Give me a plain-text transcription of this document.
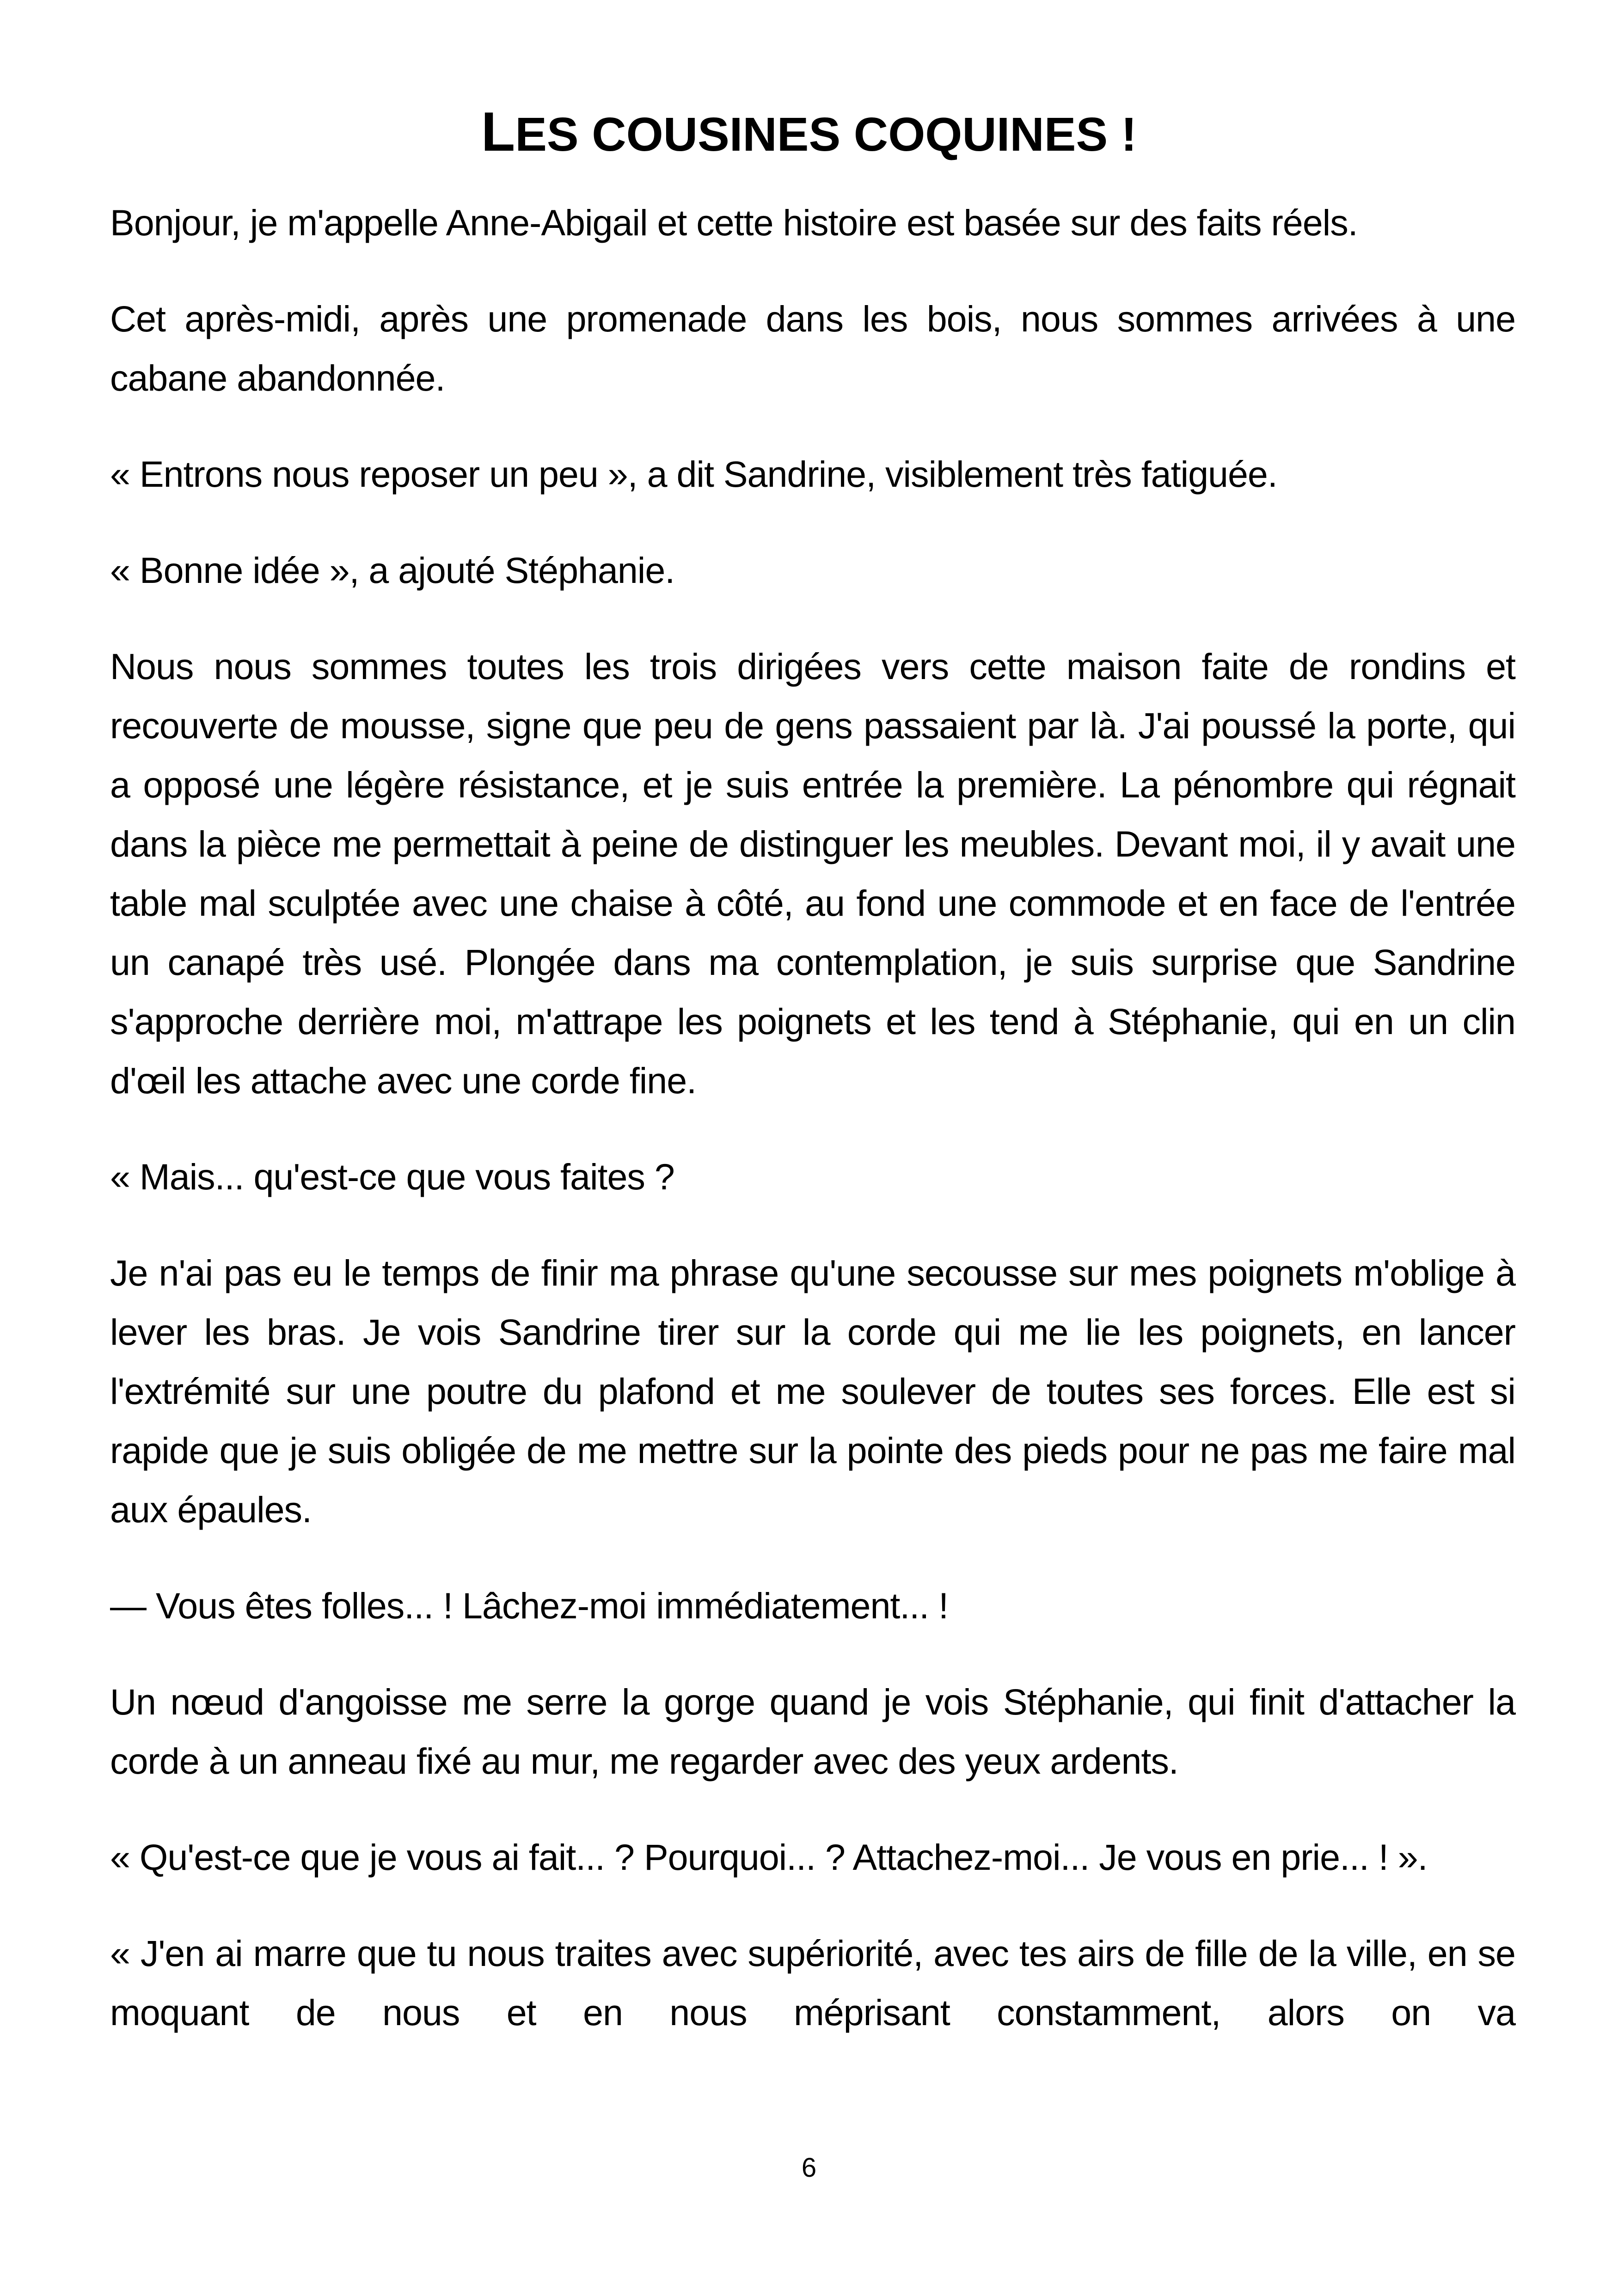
LES COUSINES COQUINES !

Bonjour, je m'appelle Anne-Abigail et cette histoire est basée sur des faits réels.

Cet après-midi, après une promenade dans les bois, nous sommes arrivées à une cabane abandonnée.

« Entrons nous reposer un peu », a dit Sandrine, visiblement très fatiguée.

« Bonne idée », a ajouté Stéphanie.

Nous nous sommes toutes les trois dirigées vers cette maison faite de rondins et recouverte de mousse, signe que peu de gens passaient par là. J'ai poussé la porte, qui a opposé une légère résistance, et je suis entrée la première. La pénombre qui régnait dans la pièce me permettait à peine de distinguer les meubles. Devant moi, il y avait une table mal sculptée avec une chaise à côté, au fond une commode et en face de l'entrée un canapé très usé. Plongée dans ma contemplation, je suis surprise que Sandrine s'approche derrière moi, m'attrape les poignets et les tend à Stéphanie, qui en un clin d'œil les attache avec une corde fine.

« Mais... qu'est-ce que vous faites ?

Je n'ai pas eu le temps de finir ma phrase qu'une secousse sur mes poignets m'oblige à lever les bras. Je vois Sandrine tirer sur la corde qui me lie les poignets, en lancer l'extrémité sur une poutre du plafond et me soulever de toutes ses forces. Elle est si rapide que je suis obligée de me mettre sur la pointe des pieds pour ne pas me faire mal aux épaules.

— Vous êtes folles... ! Lâchez-moi immédiatement... !

Un nœud d'angoisse me serre la gorge quand je vois Stéphanie, qui finit d'attacher la corde à un anneau fixé au mur, me regarder avec des yeux ardents.

« Qu'est-ce que je vous ai fait... ? Pourquoi... ? Attachez-moi... Je vous en prie... ! ».

« J'en ai marre que tu nous traites avec supériorité, avec tes airs de fille de la ville, en se moquant de nous et en nous méprisant constamment, alors on va

6
